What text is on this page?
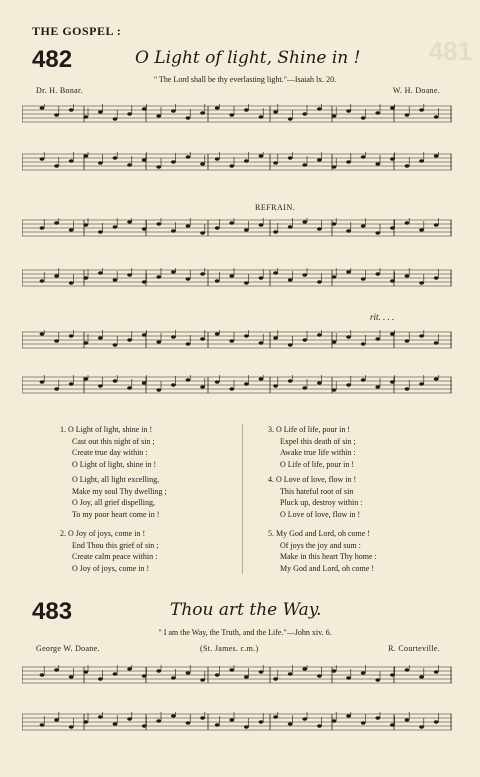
THE GOSPEL :
481
482	O Light of light, Shine in !
" The Lord shall be thy everlasting light."—Isaiah lx. 20.
Dr. H. Bonar.	W. H. Doane.
REFRAIN.
rit. . . .
1. O Light of light, shine in !
Cast out this night of sin ;
Create true day within :
O Light of light, shine in !
O Light, all light excelling,
Make my soul Thy dwelling ;
O Joy, all grief dispelling,
To my poor heart come in !
2. O Joy of joys, come in !
End Thou this grief of sin ;
Create calm peace within :
O Joy of joys, come in !
3. O Life of life, pour in !
Expel this death of sin ;
Awake true life within :
O Life of life, pour in !
4. O Love of love, flow in !
This hateful root of sin
Pluck up, destroy within :
O Love of love, flow in !
5. My God and Lord, oh come !
Of joys the joy and sum :
Make in this heart Thy home :
My God and Lord, oh come !
483	Thou art the Way.
" I am the Way, the Truth, and the Life."—John xiv. 6.
George W. Doane.	(St. James. c.m.)	R. Courteville.
